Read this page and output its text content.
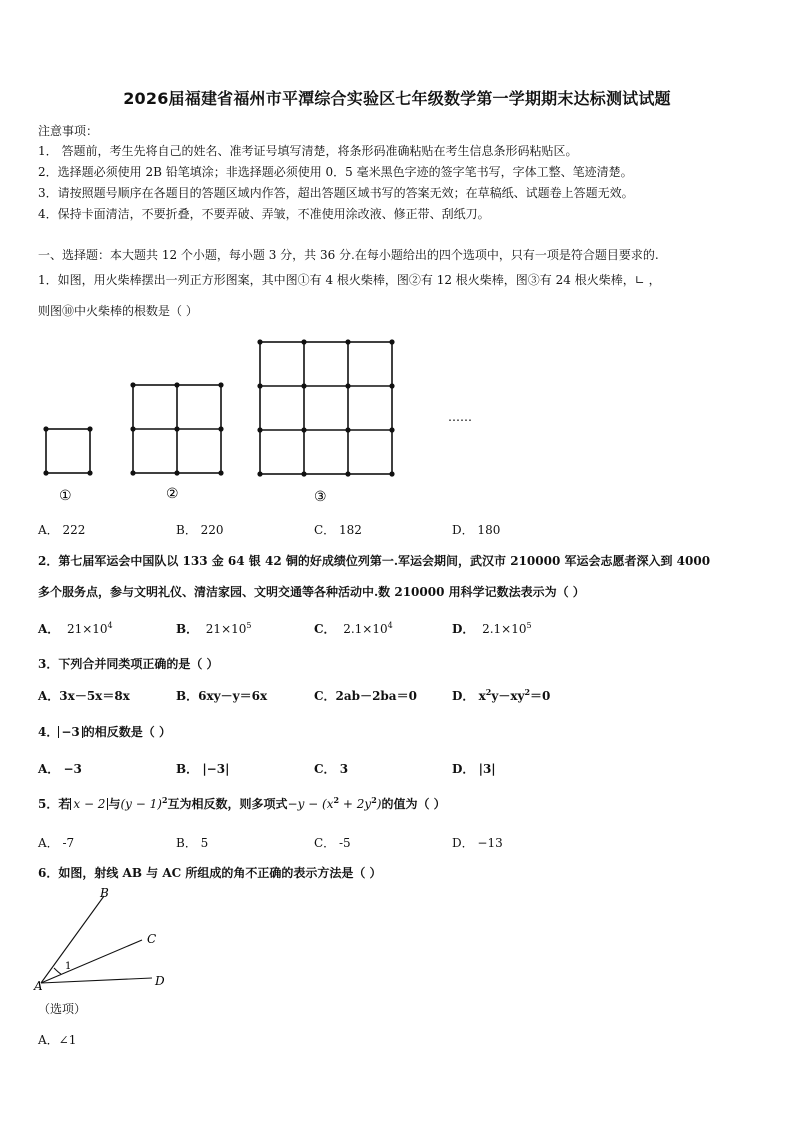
2026届福建省福州市平潭综合实验区七年级数学第一学期期末达标测试试题
注意事项：
1． 答题前，考生先将自己的姓名、准考证号填写清楚，将条形码准确粘贴在考生信息条形码粘贴区。
2．选择题必须使用 2B 铅笔填涂；非选择题必须使用 0．5 毫米黑色字迹的签字笔书写，字体工整、笔迹清楚。
3．请按照题号顺序在各题目的答题区域内作答，超出答题区域书写的答案无效；在草稿纸、试题卷上答题无效。
4．保持卡面清洁，不要折叠，不要弄破、弄皱，不准使用涂改液、修正带、刮纸刀。
一、选择题：本大题共 12 个小题，每小题 3 分，共 36 分.在每小题给出的四个选项中，只有一项是符合题目要求的.
1．如图，用火柴棒摆出一列正方形图案，其中图①有 4 根火柴棒，图②有 12 根火柴棒，图③有 24 根火柴棒，∟ ，
则图⑩中火柴棒的根数是（ ）
①	②	③
……
A． 222	B． 220	C． 182	D． 180
2．第七届军运会中国队以 133 金 64 银 42 铜的好成绩位列第一.军运会期间，武汉市 210000 军运会志愿者深入到 4000
多个服务点，参与文明礼仪、清洁家园、文明交通等各种活动中.数 210000 用科学记数法表示为（ ）
A． $21\times 10^4$	B． $21\times 10^5$	C． $2.1\times 10^4$	D． $2.1\times 10^5$
3．下列合并同类项正确的是（ ）
A．3x－5x＝8x	B．6xy－y＝6x	C．2ab－2ba＝0	D． $x^2y-xy^2=0$
4． −3 的相反数是（ ）
A． −3	B． |−3|	C． 3	D． |3|
5．若 x − 2 与$(y - 1)^2$互为相反数，则多项式$-y - (x^2 + 2y^2)$的值为（ ）
A． -7	B． 5	C． -5	D． −13
6．如图，射线 AB 与 AC 所组成的角不正确的表示方法是（ ）
A
B
C
D
1
（选项）
A．∠1
